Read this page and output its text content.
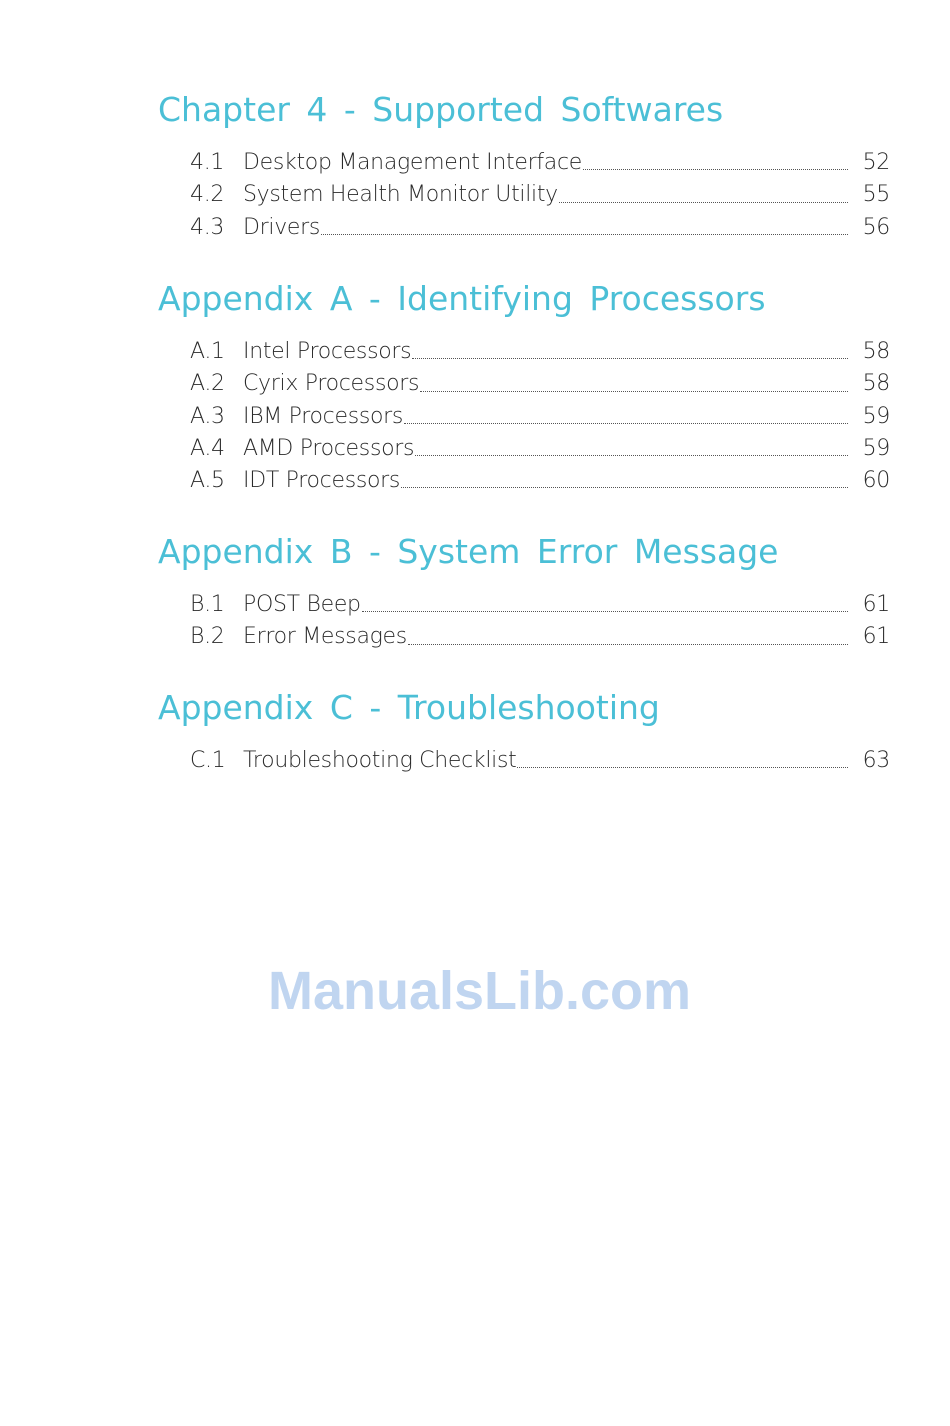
Chapter 4 - Supported Softwares
4.1 Desktop Management Interface	52
4.2 System Health Monitor Utility	55
4.3 Drivers	56
Appendix A - Identifying Processors
A.1 Intel Processors	58
A.2 Cyrix Processors	58
A.3 IBM Processors	59
A.4 AMD Processors	59
A.5 IDT Processors	60
Appendix B - System Error Message
B.1 POST Beep	61
B.2 Error Messages	61
Appendix C - Troubleshooting
C.1 Troubleshooting Checklist	63
ManualsLib.com
